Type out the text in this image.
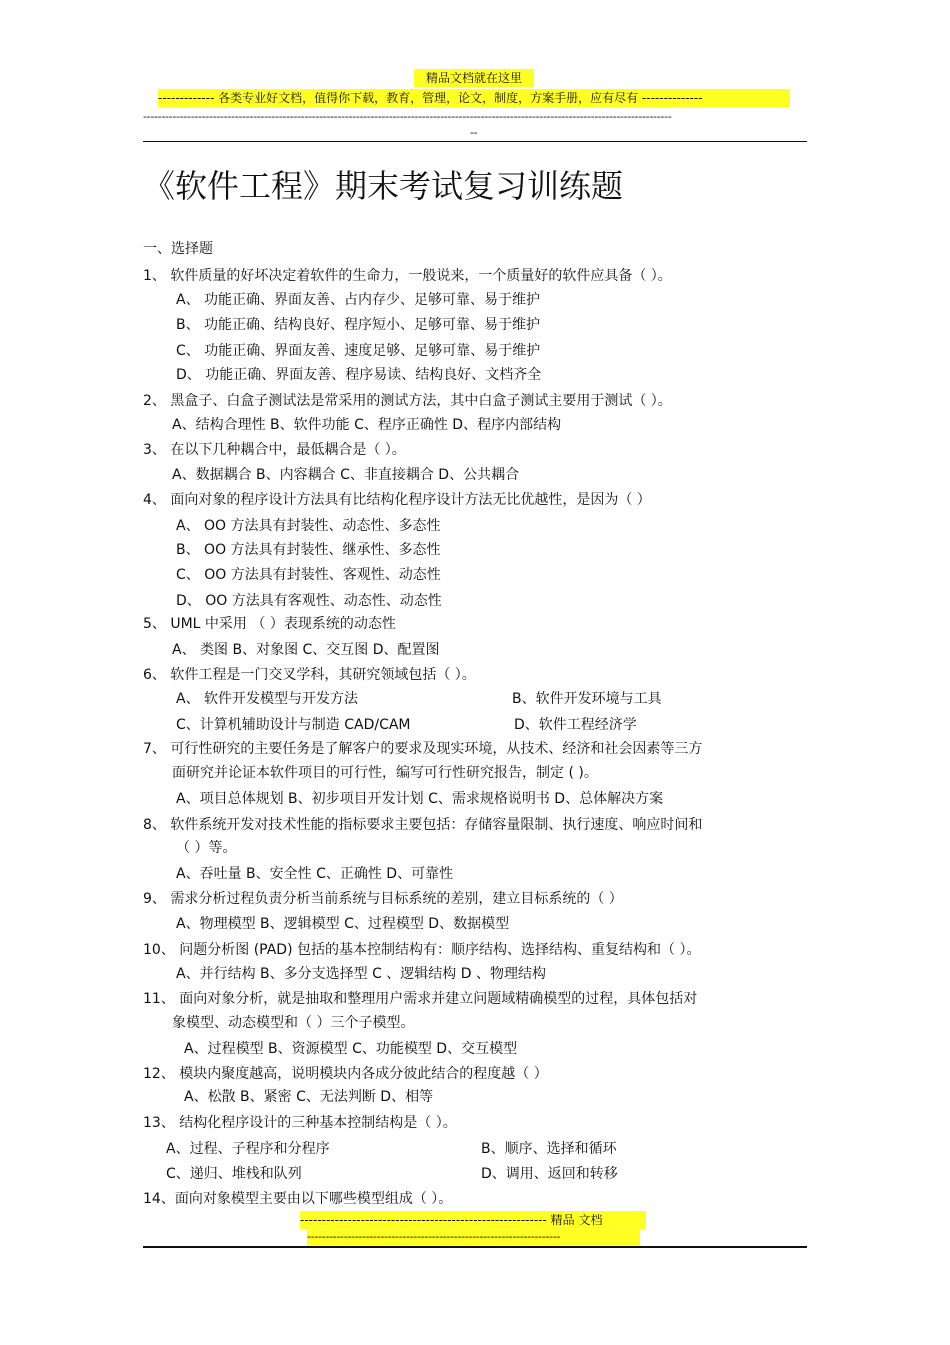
精品文档就在这里
------------- 各类专业好文档，值得你下载，教育，管理，论文，制度，方案手册，应有尽有 --------------
------------------------------------------------------------------------------------------------------------------------------------------------
--
《软件工程》期末考试复习训练题
一、选择题
1、 软件质量的好坏决定着软件的生命力，一般说来，一个质量好的软件应具备（ ）。
A、 功能正确、界面友善、占内存少、足够可靠、易于维护
B、 功能正确、结构良好、程序短小、足够可靠、易于维护
C、 功能正确、界面友善、速度足够、足够可靠、易于维护
D、 功能正确、界面友善、程序易读、结构良好、文档齐全
2、 黑盒子、白盒子测试法是常采用的测试方法，其中白盒子测试主要用于测试（ ）。
A、结构合理性 B、软件功能 C、程序正确性 D、程序内部结构
3、 在以下几种耦合中，最低耦合是（ ）。
A、数据耦合 B、内容耦合 C、非直接耦合 D、公共耦合
4、 面向对象的程序设计方法具有比结构化程序设计方法无比优越性，是因为（ ）
A、 OO 方法具有封装性、动态性、多态性
B、 OO 方法具有封装性、继承性、多态性
C、 OO 方法具有封装性、客观性、动态性
D、 OO 方法具有客观性、动态性、动态性
5、 UML 中采用 （ ）表现系统的动态性
A、 类图 B、对象图 C、交互图 D、配置图
6、 软件工程是一门交叉学科，其研究领域包括（ ）。
A、 软件开发模型与开发方法	B、软件开发环境与工具
C、计算机辅助设计与制造 CAD/CAM	D、软件工程经济学
7、 可行性研究的主要任务是了解客户的要求及现实环境，从技术、经济和社会因素等三方
面研究并论证本软件项目的可行性，编写可行性研究报告，制定 ( )。
A、项目总体规划 B、初步项目开发计划 C、需求规格说明书 D、总体解决方案
8、 软件系统开发对技术性能的指标要求主要包括：存储容量限制、执行速度、响应时间和
（ ）等。
A、吞吐量 B、安全性 C、正确性 D、可靠性
9、 需求分析过程负责分析当前系统与目标系统的差别，建立目标系统的（ ）
A、物理模型 B、逻辑模型 C、过程模型 D、数据模型
10、 问题分析图 (PAD) 包括的基本控制结构有：顺序结构、选择结构、重复结构和（ ）。
A、并行结构 B、多分支选择型 C 、逻辑结构 D 、物理结构
11、 面向对象分析，就是抽取和整理用户需求并建立问题域精确模型的过程，具体包括对
象模型、动态模型和（ ）三个子模型。
A、过程模型 B、资源模型 C、功能模型 D、交互模型
12、 模块内聚度越高，说明模块内各成分彼此结合的程度越（ ）
A、松散 B、紧密 C、无法判断 D、相等
13、 结构化程序设计的三种基本控制结构是（ ）。
A、过程、子程序和分程序	B、顺序、选择和循环
C、递归、堆栈和队列	D、调用、返回和转移
14、面向对象模型主要由以下哪些模型组成（ ）。
--------------------------------------------------------- 精品 文档
---------------------------------------------------------------------
